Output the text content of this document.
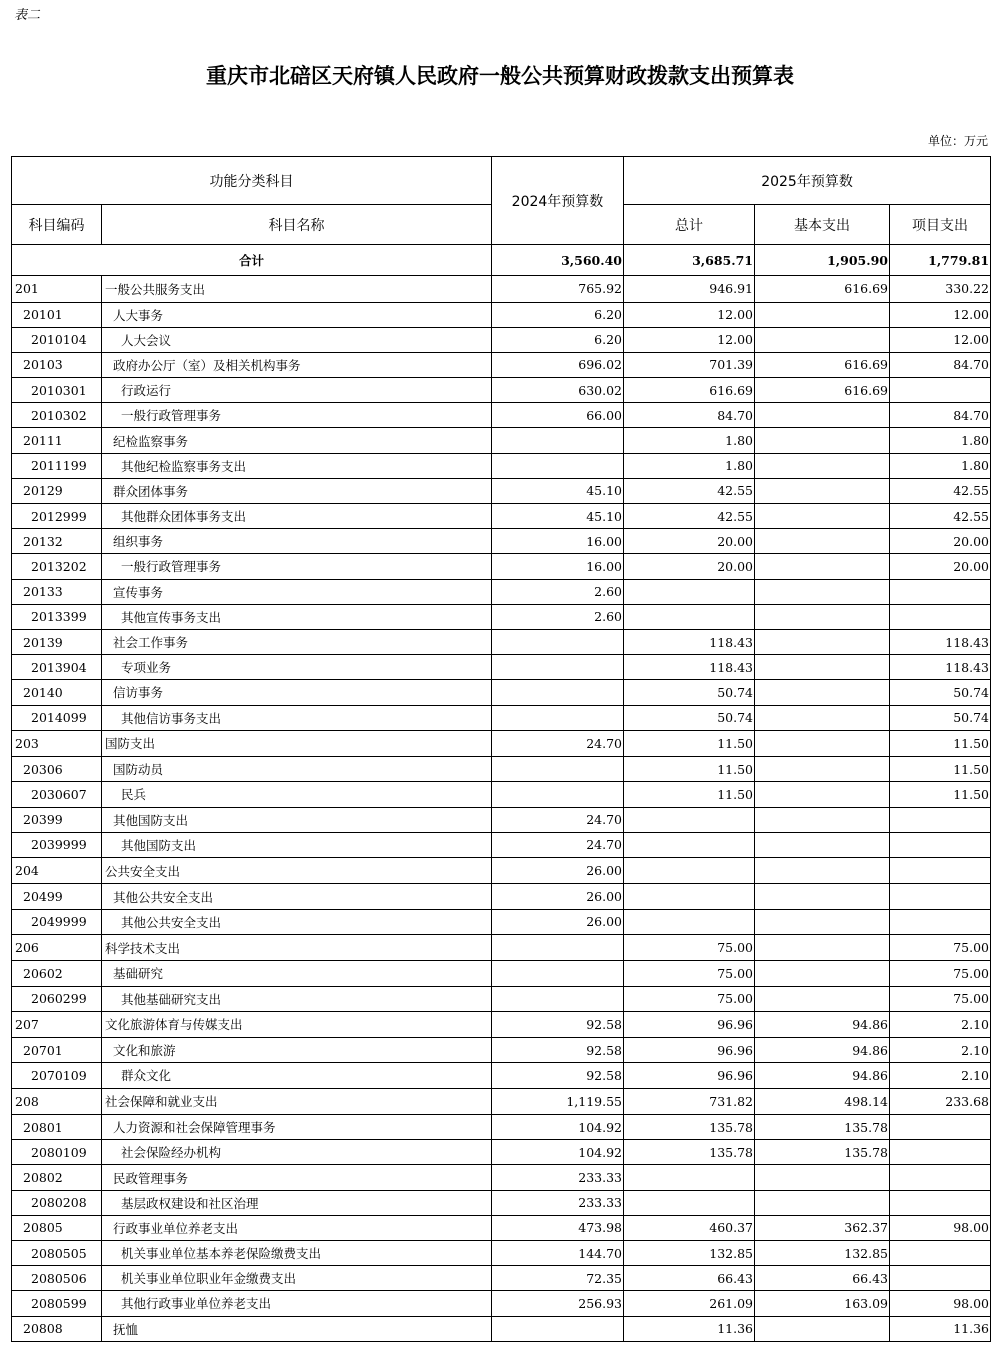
表二
重庆市北碚区天府镇人民政府一般公共预算财政拨款支出预算表
单位：万元
功能分类科目		2024年预算数	2025年预算数		
科目编码	科目名称		总计	基本支出	项目支出
合计		3,560.40	3,685.71	1,905.90	1,779.81
201	一般公共服务支出	765.92	946.91	616.69	330.22
20101	人大事务	6.20	12.00		12.00
2010104	人大会议	6.20	12.00		12.00
20103	政府办公厅（室）及相关机构事务	696.02	701.39	616.69	84.70
2010301	行政运行	630.02	616.69	616.69	
2010302	一般行政管理事务	66.00	84.70		84.70
20111	纪检监察事务		1.80		1.80
2011199	其他纪检监察事务支出		1.80		1.80
20129	群众团体事务	45.10	42.55		42.55
2012999	其他群众团体事务支出	45.10	42.55		42.55
20132	组织事务	16.00	20.00		20.00
2013202	一般行政管理事务	16.00	20.00		20.00
20133	宣传事务	2.60			
2013399	其他宣传事务支出	2.60			
20139	社会工作事务		118.43		118.43
2013904	专项业务		118.43		118.43
20140	信访事务		50.74		50.74
2014099	其他信访事务支出		50.74		50.74
203	国防支出	24.70	11.50		11.50
20306	国防动员		11.50		11.50
2030607	民兵		11.50		11.50
20399	其他国防支出	24.70			
2039999	其他国防支出	24.70			
204	公共安全支出	26.00			
20499	其他公共安全支出	26.00			
2049999	其他公共安全支出	26.00			
206	科学技术支出		75.00		75.00
20602	基础研究		75.00		75.00
2060299	其他基础研究支出		75.00		75.00
207	文化旅游体育与传媒支出	92.58	96.96	94.86	2.10
20701	文化和旅游	92.58	96.96	94.86	2.10
2070109	群众文化	92.58	96.96	94.86	2.10
208	社会保障和就业支出	1,119.55	731.82	498.14	233.68
20801	人力资源和社会保障管理事务	104.92	135.78	135.78	
2080109	社会保险经办机构	104.92	135.78	135.78	
20802	民政管理事务	233.33			
2080208	基层政权建设和社区治理	233.33			
20805	行政事业单位养老支出	473.98	460.37	362.37	98.00
2080505	机关事业单位基本养老保险缴费支出	144.70	132.85	132.85	
2080506	机关事业单位职业年金缴费支出	72.35	66.43	66.43	
2080599	其他行政事业单位养老支出	256.93	261.09	163.09	98.00
20808	抚恤		11.36		11.36
